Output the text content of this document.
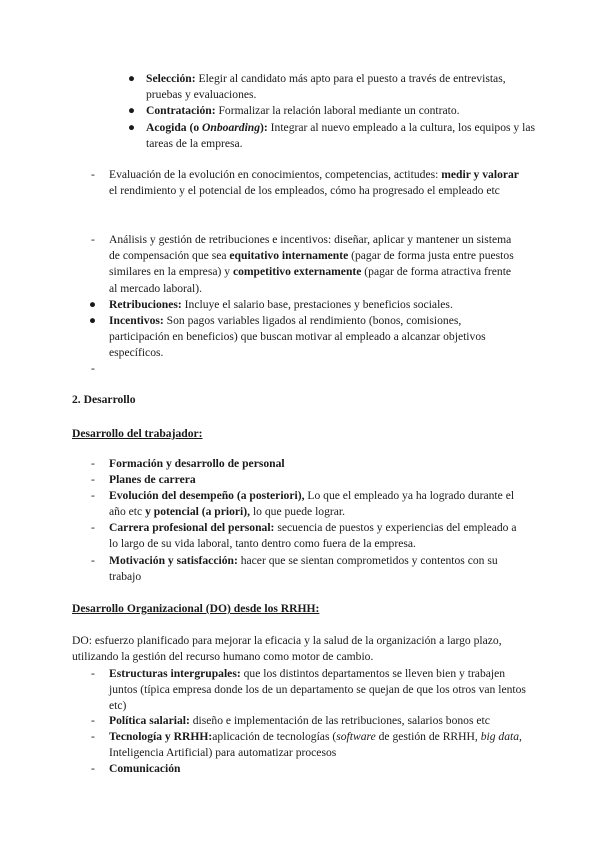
● Selección: Elegir al candidato más apto para el puesto a través de entrevistas, pruebas y evaluaciones.
● Contratación: Formalizar la relación laboral mediante un contrato.
● Acogida (o Onboarding): Integrar al nuevo empleado a la cultura, los equipos y las tareas de la empresa.
- Evaluación de la evolución en conocimientos, competencias, actitudes: medir y valorar el rendimiento y el potencial de los empleados, cómo ha progresado el empleado etc
- Análisis y gestión de retribuciones e incentivos: diseñar, aplicar y mantener un sistema de compensación que sea equitativo internamente (pagar de forma justa entre puestos similares en la empresa) y competitivo externamente (pagar de forma atractiva frente al mercado laboral).
● Retribuciones: Incluye el salario base, prestaciones y beneficios sociales.
● Incentivos: Son pagos variables ligados al rendimiento (bonos, comisiones, participación en beneficios) que buscan motivar al empleado a alcanzar objetivos específicos.
-
2. Desarrollo
Desarrollo del trabajador:
- Formación y desarrollo de personal
- Planes de carrera
- Evolución del desempeño (a posteriori), Lo que el empleado ya ha logrado durante el año etc y potencial (a priori), lo que puede lograr.
- Carrera profesional del personal: secuencia de puestos y experiencias del empleado a lo largo de su vida laboral, tanto dentro como fuera de la empresa.
- Motivación y satisfacción: hacer que se sientan comprometidos y contentos con su trabajo
Desarrollo Organizacional (DO) desde los RRHH:
DO: esfuerzo planificado para mejorar la eficacia y la salud de la organización a largo plazo, utilizando la gestión del recurso humano como motor de cambio.
- Estructuras intergrupales: que los distintos departamentos se lleven bien y trabajen juntos (típica empresa donde los de un departamento se quejan de que los otros van lentos etc)
- Política salarial: diseño e implementación de las retribuciones, salarios bonos etc
- Tecnología y RRHH:aplicación de tecnologías (software de gestión de RRHH, big data, Inteligencia Artificial) para automatizar procesos
- Comunicación
